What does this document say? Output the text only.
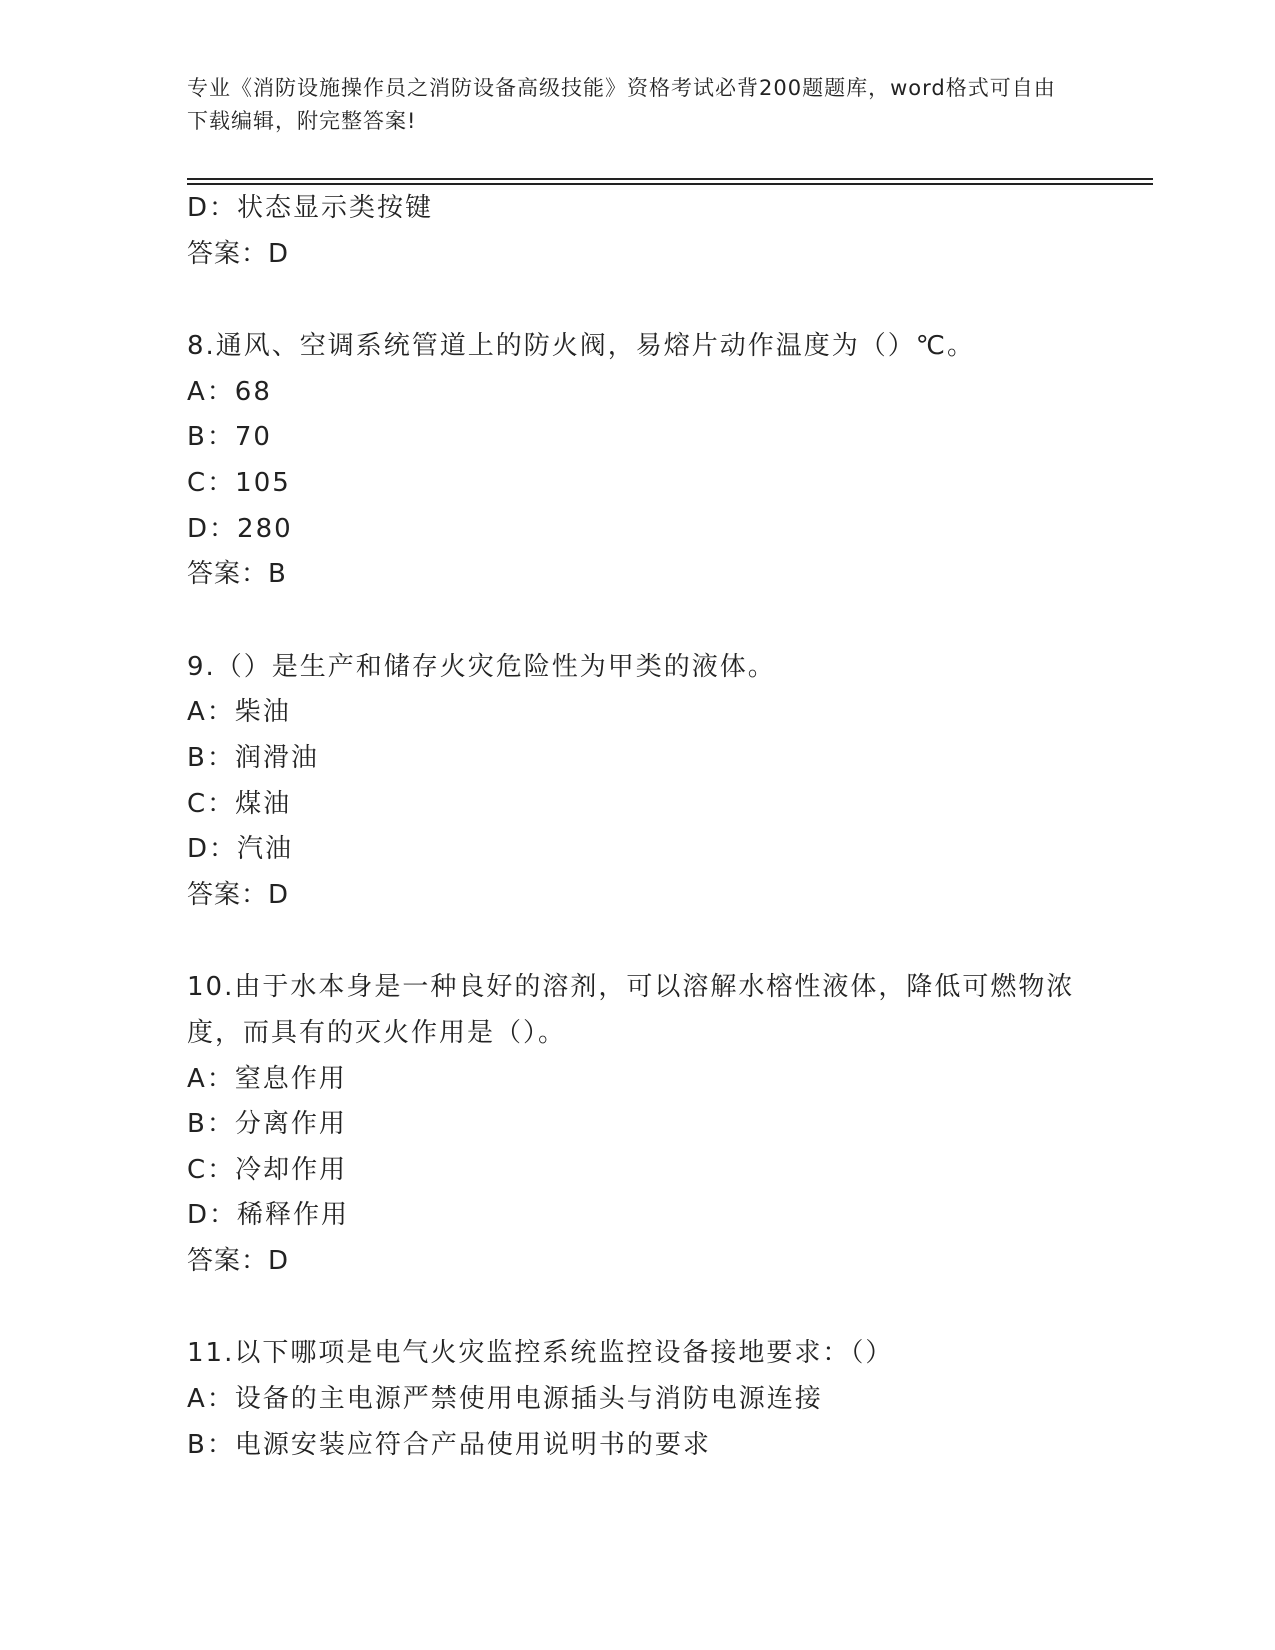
专业《消防设施操作员之消防设备高级技能》资格考试必背200题题库，word格式可自由下载编辑，附完整答案!
D：状态显示类按键
答案：D
8.通风、空调系统管道上的防火阀，易熔片动作温度为（）℃。
A：68
B：70
C：105
D：280
答案：B
9.（）是生产和储存火灾危险性为甲类的液体。
A：柴油
B：润滑油
C：煤油
D：汽油
答案：D
10.由于水本身是一种良好的溶剂，可以溶解水榕性液体，降低可燃物浓度，而具有的灭火作用是（）。
A：窒息作用
B：分离作用
C：冷却作用
D：稀释作用
答案：D
11.以下哪项是电气火灾监控系统监控设备接地要求：（）
A：设备的主电源严禁使用电源插头与消防电源连接
B：电源安装应符合产品使用说明书的要求
